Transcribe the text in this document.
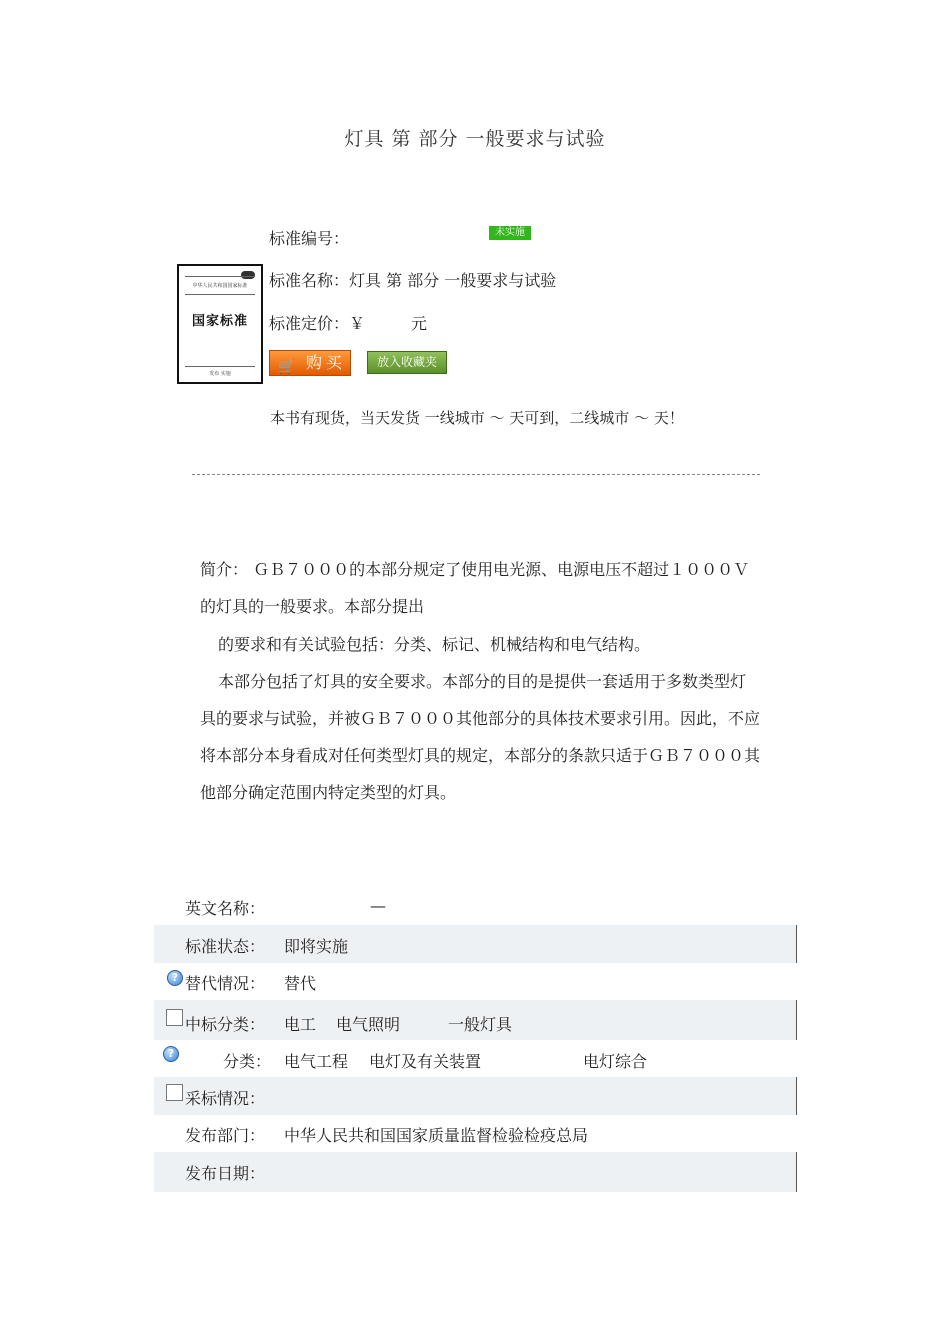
灯具 第 部分 一般要求与试验
中华人民共和国国家标准
国家标准
发布 实施
标准编号：	未实施
标准名称：灯具 第 部分 一般要求与试验
标准定价：￥	元
🛒 购买	放入收藏夹
本书有现货，当天发货 一线城市 ～ 天可到，二线城市 ～ 天！
简介： ＧＢ７０００的本部分规定了使用电光源、电源电压不超过１０００Ｖ 的灯具的一般要求。本部分提出
的要求和有关试验包括：分类、标记、机械结构和电气结构。
本部分包括了灯具的安全要求。本部分的目的是提供一套适用于多数类型灯具的要求与试验，并被ＧＢ７０００其他部分的具体技术要求引用。因此，不应将本部分本身看成对任何类型灯具的规定，本部分的条款只适于ＧＢ７０００其他部分确定范围内特定类型的灯具。
英文名称：	—
标准状态： 即将实施
? 替代情况： 替代
中标分类： 电工 电气照明	一般灯具
?	分类： 电气工程 电灯及有关装置	电灯综合
采标情况：
发布部门： 中华人民共和国国家质量监督检验检疫总局
发布日期：
